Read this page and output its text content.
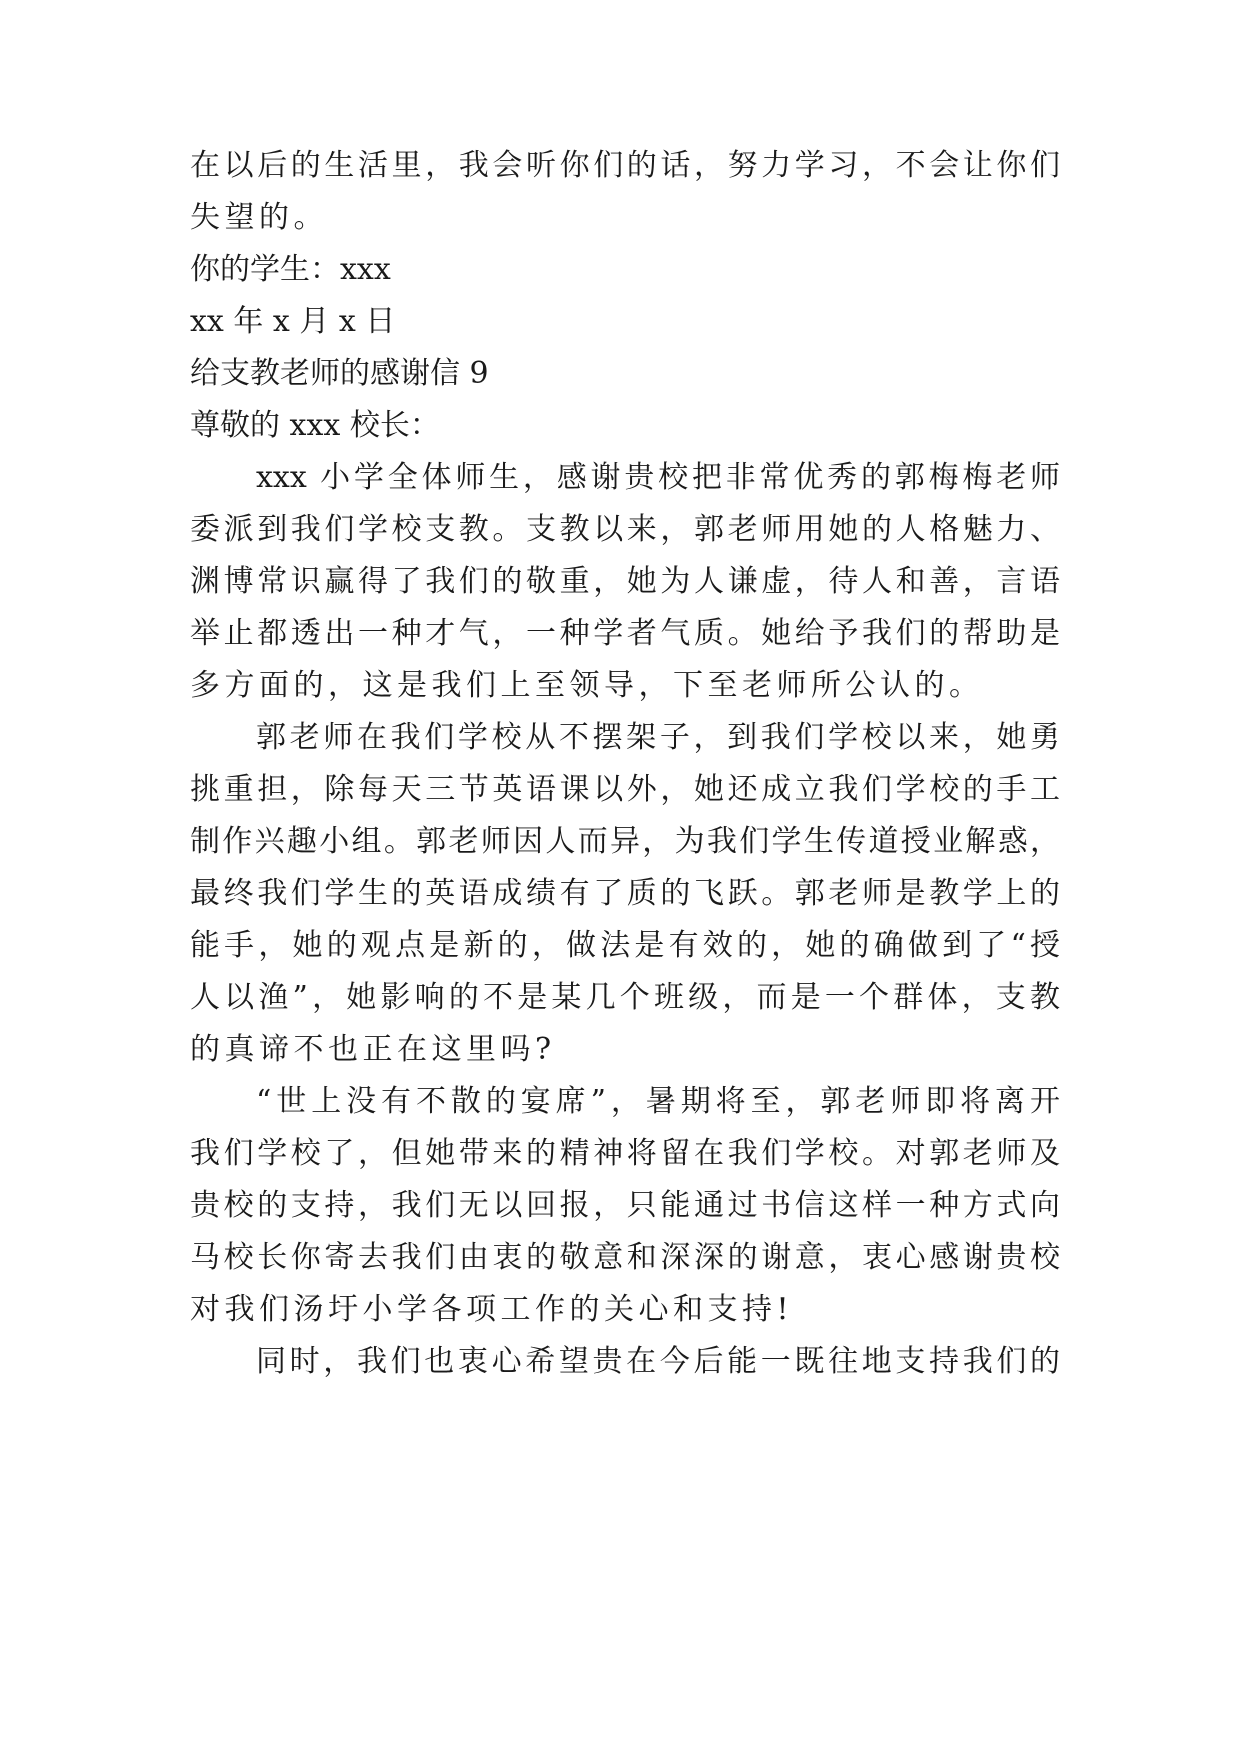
在以后的生活里，我会听你们的话，努力学习，不会让你们
失望的。
你的学生：xxx
xx 年 x 月 x 日
给支教老师的感谢信 9
尊敬的 xxx 校长：
xxx 小学全体师生，感谢贵校把非常优秀的郭梅梅老师
委派到我们学校支教。支教以来，郭老师用她的人格魅力、
渊博常识赢得了我们的敬重，她为人谦虚，待人和善，言语
举止都透出一种才气，一种学者气质。她给予我们的帮助是
多方面的，这是我们上至领导，下至老师所公认的。
郭老师在我们学校从不摆架子，到我们学校以来，她勇
挑重担，除每天三节英语课以外，她还成立我们学校的手工
制作兴趣小组。郭老师因人而异，为我们学生传道授业解惑，
最终我们学生的英语成绩有了质的飞跃。郭老师是教学上的
能手，她的观点是新的，做法是有效的，她的确做到了“授
人以渔”，她影响的不是某几个班级，而是一个群体，支教
的真谛不也正在这里吗?
“世上没有不散的宴席”，暑期将至，郭老师即将离开
我们学校了，但她带来的精神将留在我们学校。对郭老师及
贵校的支持，我们无以回报，只能通过书信这样一种方式向
马校长你寄去我们由衷的敬意和深深的谢意，衷心感谢贵校
对我们汤圩小学各项工作的关心和支持!
同时，我们也衷心希望贵在今后能一既往地支持我们的
